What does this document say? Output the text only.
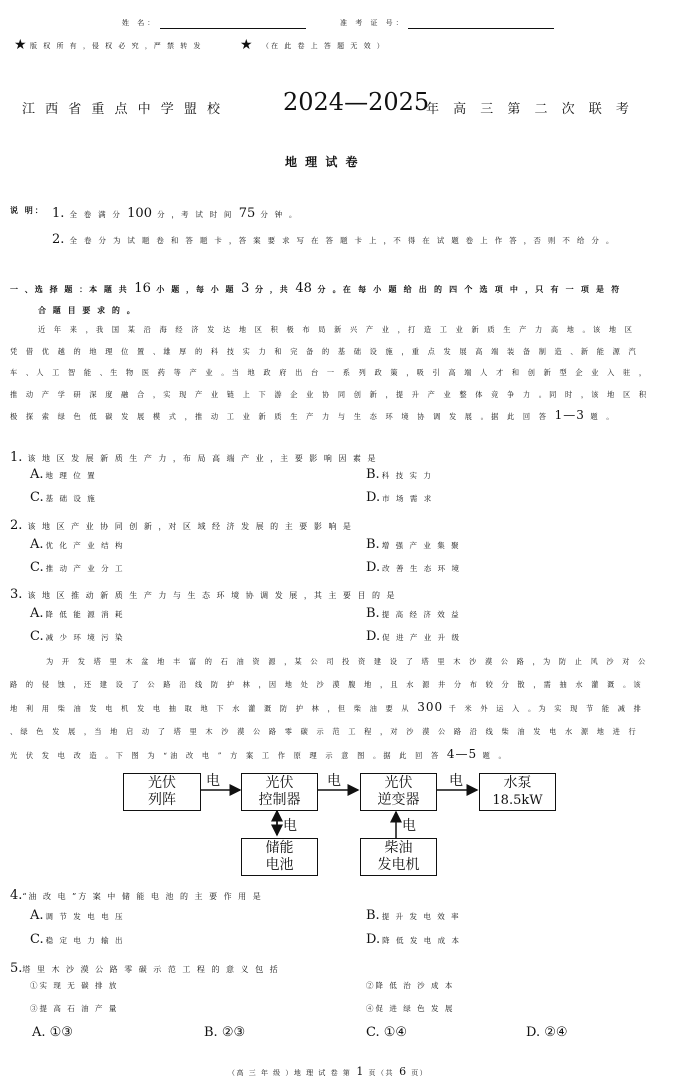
姓 名：	准 考 证 号：
★ 版 权 所 有 ，侵 权 必 究 ，严 禁 转 发	★ （在 此 卷 上 答 题 无 效 ）
江 西 省 重 点 中 学 盟 校 2024—2025
年 高 三 第 二 次 联 考
地 理 试 卷
说 明： 1. 全 卷 满 分 100 分 ，考 试 时 间 75 分 钟 。
2. 全 卷 分 为 试 题 卷 和 答 题 卡 ，答 案 要 求 写 在 答 题 卡 上 ，不 得 在 试 题 卷 上 作 答 ，否 则 不 给 分 。
一 、选 择 题 ：本 题 共 16 小 题 ，每 小 题 3 分 ，共 48 分 。在 每 小 题 给 出 的 四 个 选 项 中 ，只 有 一 项 是 符
合 题 目 要 求 的 。
近 年 来 ，我 国 某 沿 海 经 济 发 达 地 区 积 极 布 局 新 兴 产 业 ，打 造 工 业 新 质 生 产 力 高 地 。该 地 区 凭 借 优 越 的 地 理 位 置 、雄 厚 的 科 技 实 力 和 完 备 的 基 础 设 施 ，重 点 发 展 高 端 装 备 制 造 、新 能 源 汽 车 、人 工 智 能 、生 物 医 药 等 产 业 。当 地 政 府 出 台 一 系 列 政 策 ，吸 引 高 端 人 才 和 创 新 型 企 业 入 驻 ，推 动 产 学 研 深 度 融 合 ，实 现 产 业 链 上 下 游 企 业 协 同 创 新 ，提 升 产 业 整 体 竞 争 力 。同 时 ，该 地 区 积 极 探 索 绿 色 低 碳 发 展 模 式 ，推 动 工 业 新 质 生 产 力 与 生 态 环 境 协 调 发 展 。据 此 回 答 1—3 题 。
1. 该 地 区 发 展 新 质 生 产 力 ，布 局 高 端 产 业 ，主 要 影 响 因 素 是
A. 地 理 位 置	B. 科 技 实 力
C. 基 础 设 施	D. 市 场 需 求
2. 该 地 区 产 业 协 同 创 新 ，对 区 域 经 济 发 展 的 主 要 影 响 是
A. 优 化 产 业 结 构	B. 增 强 产 业 集 聚
C. 推 动 产 业 分 工	D. 改 善 生 态 环 境
3. 该 地 区 推 动 新 质 生 产 力 与 生 态 环 境 协 调 发 展 ，其 主 要 目 的 是
A. 降 低 能 源 消 耗	B. 提 高 经 济 效 益
C. 减 少 环 境 污 染	D. 促 进 产 业 升 级
为 开 发 塔 里 木 盆 地 丰 富 的 石 油 资 源 ，某 公 司 投 资 建 设 了 塔 里 木 沙 漠 公 路 ，为 防 止 风 沙 对 公 路 的 侵 蚀 ，还 建 设 了 公 路 沿 线 防 护 林 ，因 地 处 沙 漠 腹 地 ，且 水 源 井 分 布 较 分 散 ，需 抽 水 灌 溉 。该 地 利 用 柴 油 发 电 机 发 电 抽 取 地 下 水 灌 溉 防 护 林 ，但 柴 油 要 从 300 千 米 外 运 入 。为 实 现 节 能 减 排 、绿 色 发 展 ，当 地 启 动 了 塔 里 木 沙 漠 公 路 零 碳 示 范 工 程 ，对 沙 漠 公 路 沿 线 柴 油 发 电 水 源 地 进 行 光 伏 发 电 改 造 。下 图 为 “油 改 电 ” 方 案 工 作 原 理 示 意 图 。据 此 回 答 4—5 题 。
光伏
列阵
光伏
控制器
光伏
逆变器
水泵
18.5kW
储能
电池
柴油
发电机
电	电	电
电	电
4.“油 改 电 ”方 案 中 储 能 电 池 的 主 要 作 用 是
A. 调 节 发 电 电 压	B. 提 升 发 电 效 率
C. 稳 定 电 力 输 出	D. 降 低 发 电 成 本
5.塔 里 木 沙 漠 公 路 零 碳 示 范 工 程 的 意 义 包 括
①实 现 无 碳 排 放	②降 低 治 沙 成 本
③提 高 石 油 产 量	④促 进 绿 色 发 展
A. ①③	B. ②③	C. ①④	D. ②④
（高 三 年 级 ）地 理 试 卷 第 1 页（共 6 页）
